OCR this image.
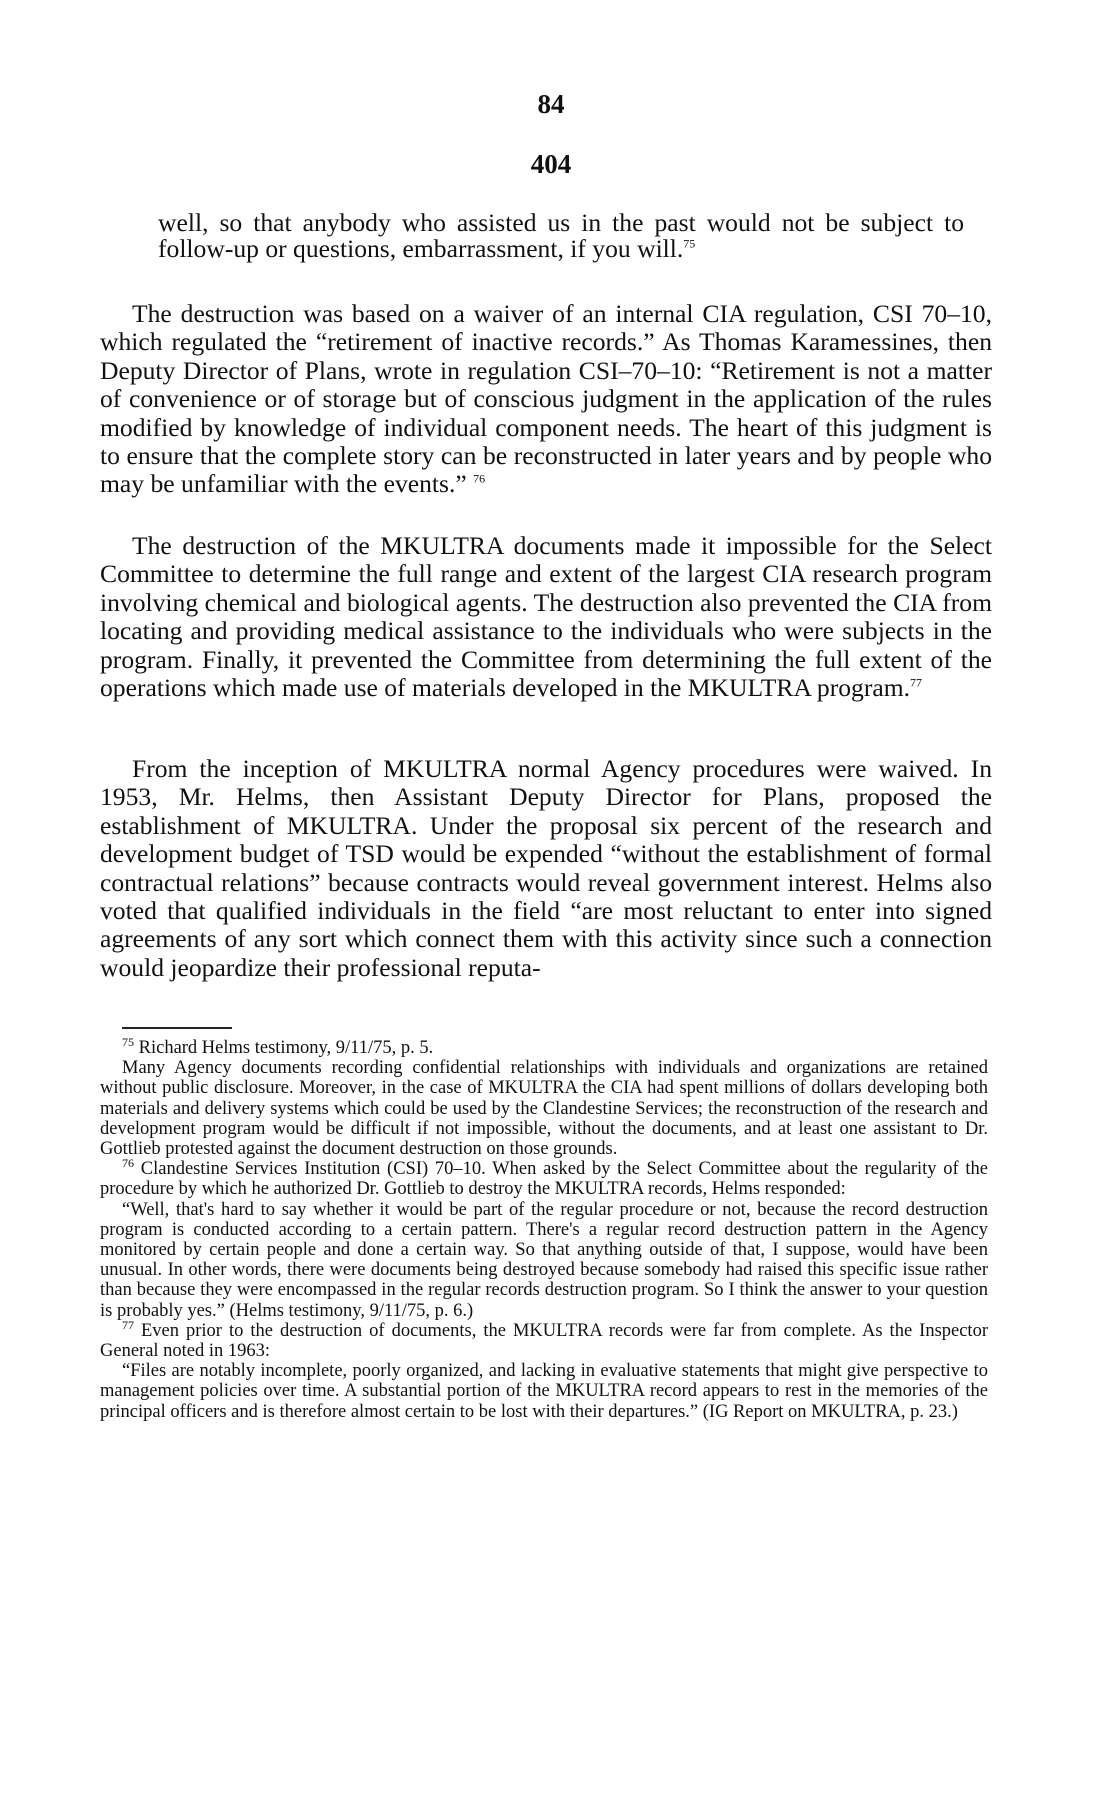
84
404

well, so that anybody who assisted us in the past would not be subject to follow-up or questions, embarrassment, if you will.$^{75}$

The destruction was based on a waiver of an internal CIA regulation, CSI 70–10, which regulated the “retirement of inactive records.” As Thomas Karamessines, then Deputy Director of Plans, wrote in regulation CSI–70–10: “Retirement is not a matter of convenience or of storage but of conscious judgment in the application of the rules modified by knowledge of individual component needs. The heart of this judgment is to ensure that the complete story can be reconstructed in later years and by people who may be unfamiliar with the events.” $^{76}$

The destruction of the MKULTRA documents made it impossible for the Select Committee to determine the full range and extent of the largest CIA research program involving chemical and biological agents. The destruction also prevented the CIA from locating and providing medical assistance to the individuals who were subjects in the program. Finally, it prevented the Committee from determining the full extent of the operations which made use of materials developed in the MKULTRA program.$^{77}$

From the inception of MKULTRA normal Agency procedures were waived. In 1953, Mr. Helms, then Assistant Deputy Director for Plans, proposed the establishment of MKULTRA. Under the proposal six percent of the research and development budget of TSD would be expended “without the establishment of formal contractual relations” because contracts would reveal government interest. Helms also voted that qualified individuals in the field “are most reluctant to enter into signed agreements of any sort which connect them with this activity since such a connection would jeopardize their professional reputa-

$^{75}$ Richard Helms testimony, 9/11/75, p. 5.

Many Agency documents recording confidential relationships with individuals and organizations are retained without public disclosure. Moreover, in the case of MKULTRA the CIA had spent millions of dollars developing both materials and delivery systems which could be used by the Clandestine Services; the reconstruction of the research and development program would be difficult if not impossible, without the documents, and at least one assistant to Dr. Gottlieb protested against the document destruction on those grounds.

$^{76}$ Clandestine Services Institution (CSI) 70–10. When asked by the Select Committee about the regularity of the procedure by which he authorized Dr. Gottlieb to destroy the MKULTRA records, Helms responded:

“Well, that's hard to say whether it would be part of the regular procedure or not, because the record destruction program is conducted according to a certain pattern. There's a regular record destruction pattern in the Agency monitored by certain people and done a certain way. So that anything outside of that, I suppose, would have been unusual. In other words, there were documents being destroyed because somebody had raised this specific issue rather than because they were encompassed in the regular records destruction program. So I think the answer to your question is probably yes.” (Helms testimony, 9/11/75, p. 6.)

$^{77}$ Even prior to the destruction of documents, the MKULTRA records were far from complete. As the Inspector General noted in 1963:

“Files are notably incomplete, poorly organized, and lacking in evaluative statements that might give perspective to management policies over time. A substantial portion of the MKULTRA record appears to rest in the memories of the principal officers and is therefore almost certain to be lost with their departures.” (IG Report on MKULTRA, p. 23.)
